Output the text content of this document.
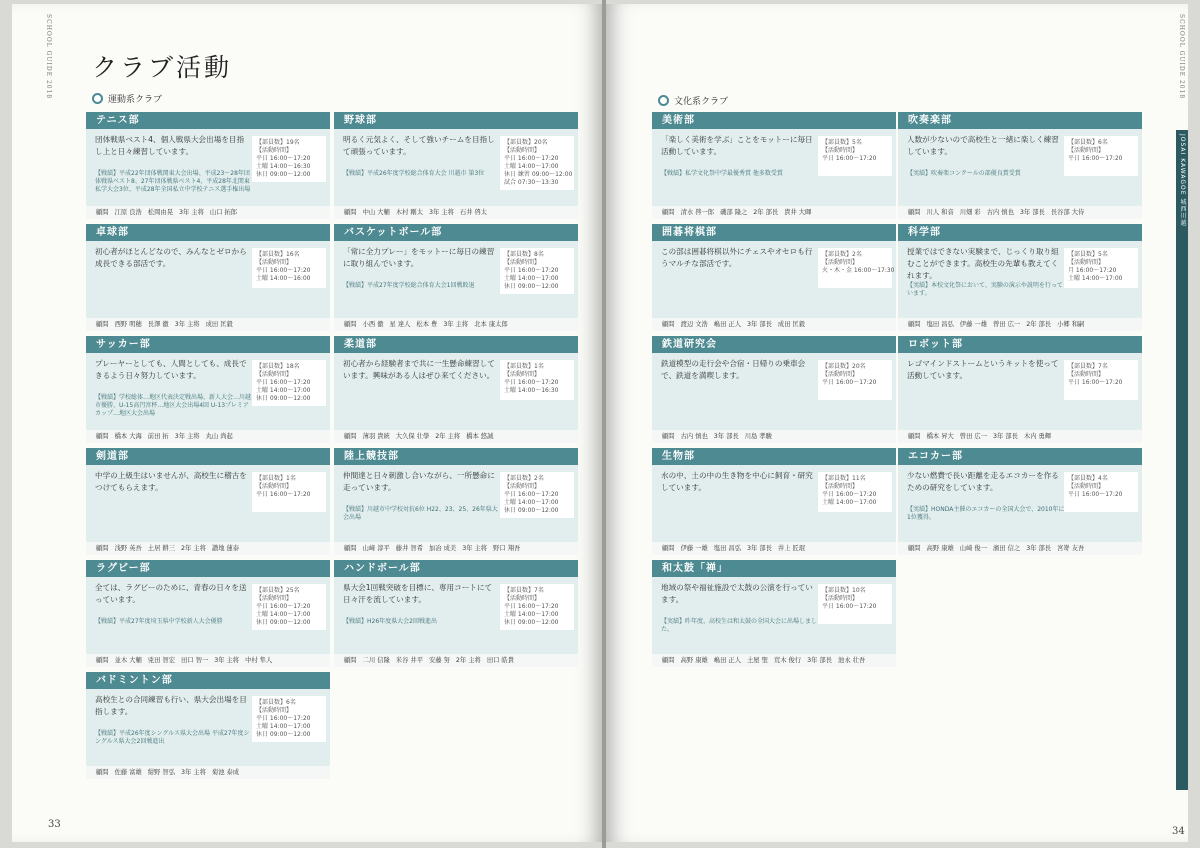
SCHOOL GUIDE 2018 クラブ活動
運動系クラブ
テニス部
団体戦県ベスト4、個人戦県大会出場を目指し上と日々練習しています。
【戦績】平成22年団体戦関東大会出場、平成23～28年団体戦県ベスト8、27年団体戦県ベスト4、平成28年北関東私学大会3位、平成28年全国私立中学校テニス選手権出場
【部員数】19名
【活動時間】
平日 16:00～17:20
土曜 14:00～16:30
休日 09:00～12:00
顧問 江原 良浩 松岡由晃 3年 主将 山口 拓郎
野球部
明るく元気よく、そして強いチームを目指して頑張っています。
【戦績】平成26年度学校総合体育大会 川越市 第3位
【部員数】20名
【活動時間】
平日 16:00～17:20
土曜 14:00～17:00
休日 練習 09:00～12:00
試合 07:30～13:30
顧問 中山 大輔 木村 剛太 3年 主将 石井 啓太
卓球部
初心者がほとんどなので、みんなとゼロから成長できる部活です。
【部員数】16名
【活動時間】
平日 16:00～17:20
土曜 14:00～16:00
顧問 西野 明穂 長澤 徹 3年 主将 成田 匡毅
バスケットボール部
「常に全力プレー」をモットーに毎日の練習に取り組んでいます。
【戦績】平成27年度学校総合体育大会1回戦敗退
【部員数】8名
【活動時間】
平日 16:00～17:20
土曜 14:00～17:00
休日 09:00～12:00
顧問 小西 徹 星 達人 松本 豊 3年 主将 北本 康太郎
サッカー部
プレーヤーとしても、人間としても、成長できるよう日々努力しています。
【戦績】学校総体…地区代表決定戦出場、新人大会…川越市優勝、U-15高円宮杯…地区大会出場4回 U-13プレミアカップ…地区大会出場
【部員数】18名
【活動時間】
平日 16:00～17:20
土曜 14:00～17:00
休日 09:00～12:00
顧問 橋本 大海 前田 拓 3年 主将 丸山 尚起
柔道部
初心者から経験者まで共に一生懸命練習しています。興味がある人はぜひ来てください。
【部員数】1名
【活動時間】
平日 16:00～17:20
土曜 14:00～16:30
顧問 薄羽 貴統 大久保 壮學 2年 主将 橋本 悠誠
剣道部
中学の上級生はいませんが、高校生に稽古をつけてもらえます。
【部員数】1名
【活動時間】
平日 16:00～17:20
顧問 浅野 英吾 土居 耕三 2年 主将 讃地 蓮泰
陸上競技部
仲間達と日々刺激し合いながら、一所懸命に走っています。
【戦績】川越市中学校対抗6位 H22、23、25、26年県大会出場
【部員数】2名
【活動時間】
平日 16:00～17:20
土曜 14:00～17:00
休日 09:00～12:00
顧問 山﨑 淳平 藤井 智希 加冶 成美 3年 主将 野口 翔吾
ラグビー部
全ては、ラグビーのために、青春の日々を送っています。
【戦績】平成27年度埼玉県中学校新人大会優勝
【部員数】25名
【活動時間】
平日 16:00～17:20
土曜 14:00～17:00
休日 09:00～12:00
顧問 並木 大輔 兇田 智宏 田口 智一 3年 主将 中村 隼人
ハンドボール部
県大会1回戦突破を目標に、専用コートにて日々汗を流しています。
【戦績】H26年度県大会2回戦進出
【部員数】7名
【活動時間】
平日 16:00～17:20
土曜 14:00～17:00
休日 09:00～12:00
顧問 二川 信隆 米谷 井平 安藤 努 2年 主将 田口 皓貴
バドミントン部
高校生との合同練習も行い、県大会出場を目指します。
【戦績】平成26年度シングルス県大会出場 平成27年度シングルス県大会2回戦進出
【部員数】6名
【活動時間】
平日 16:00～17:20
土曜 14:00～17:00
休日 09:00～12:00
顧問 佐藤 富雄 紺野 智弘 3年 主将 菊池 泰成
33
SCHOOL GUIDE 2018
JOSAI KAWAGOE 城西川越
文化系クラブ
美術部
「楽しく美術を学ぶ」ことをモットーに毎日活動しています。
【戦績】私学文化祭中学最優秀賞 他多数受賞
【部員数】5名
【活動時間】
平日 16:00～17:20
顧問 清水 啓一郎 磯部 隆之 2年 部長 貴井 大暉
吹奏楽部
人数が少ないので高校生と一緒に楽しく練習しています。
【実績】吹奏楽コンクールの部優良賞受賞
【部員数】6名
【活動時間】
平日 16:00～17:20
顧問 川人 和音 川畑 彩 古内 慎也 3年 部長 長谷部 大侍
囲碁将棋部
この部は囲碁将棋以外にチェスやオセロも行うマルチな部活です。
【部員数】2名
【活動時間】
火・木・金 16:00～17:30
顧問 渡辺 文浩 嶋田 正人 3年 部長 成田 匡毅
科学部
授業ではできない実験まで、じっくり取り組むことができます。高校生の先輩も教えてくれます。
【実績】本校文化祭において、実験の演示や説明を行っています。
【部員数】5名
【活動時間】
月 16:00～17:20
土曜 14:00～17:00
顧問 塩田 昌弘 伊藤 一雄 曾田 広一 2年 部長 小郷 和嗣
鉄道研究会
鉄道模型の走行会や合宿・日帰りの乗車会で、鉄道を満喫します。
【部員数】20名
【活動時間】
平日 16:00～17:20
顧問 古内 慎也 3年 部長 川島 孝駿
ロボット部
レゴマインドストームというキットを使って活動しています。
【部員数】7名
【活動時間】
平日 16:00～17:20
顧問 橋本 昇大 曾田 広一 3年 部長 木内 勇輝
生物部
水の中、土の中の生き物を中心に飼育・研究しています。
【部員数】11名
【活動時間】
平日 16:00～17:20
土曜 14:00～17:00
顧問 伊藤 一雄 塩田 昌弘 3年 部長 井上 匠珉
エコカー部
少ない燃費で長い距離を走るエコカーを作るための研究をしています。
【実績】HONDA主催のエコカーの全国大会で、2010年に1位獲得。
【部員数】4名
【活動時間】
平日 16:00～17:20
顧問 高野 康雄 山﨑 俊一 濱田 信之 3年 部長 宮嵜 友吾
和太鼓「禅」
地域の祭や福祉施設で太鼓の公演を行っています。
【実績】昨年度、高校生は和太鼓の全国大会に出場しました。
【部員数】10名
【活動時間】
平日 16:00～17:20
顧問 高野 康雄 嶋田 正人 土屋 聖 荒木 俊行 3年 部長 池永 壮吾
34
